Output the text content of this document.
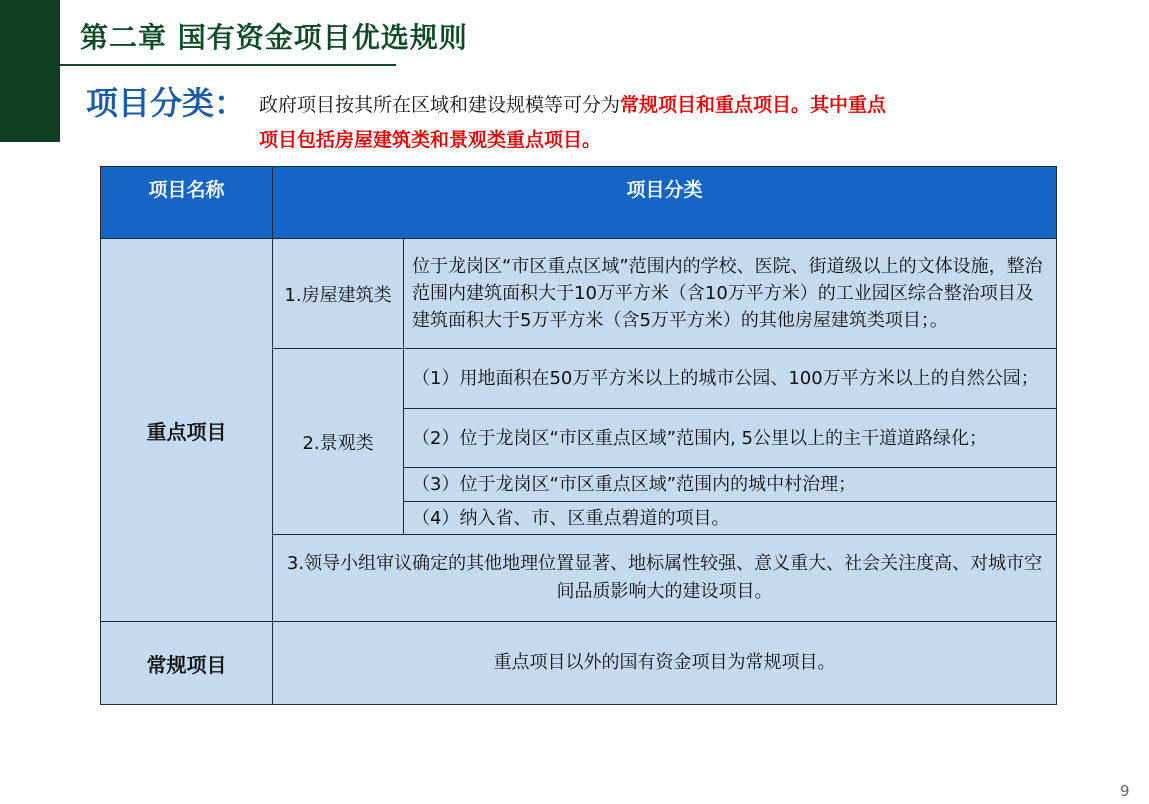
第二章 国有资金项目优选规则
项目分类： 政府项目按其所在区域和建设规模等可分为常规项目和重点项目。其中重点
项目包括房屋建筑类和景观类重点项目。
项目名称	项目分类	
重点项目	1.房屋建筑类	位于龙岗区“市区重点区域”范围内的学校、医院、街道级以上的文体设施，整治范围内建筑面积大于10万平方米（含10万平方米）的工业园区综合整治项目及建筑面积大于5万平方米（含5万平方米）的其他房屋建筑类项目；。
	2.景观类	（1）用地面积在50万平方米以上的城市公园、100万平方米以上的自然公园；
		（2）位于龙岗区“市区重点区域”范围内, 5公里以上的主干道道路绿化；
		（3）位于龙岗区“市区重点区域”范围内的城中村治理；
		（4）纳入省、市、区重点碧道的项目。
	3.领导小组审议确定的其他地理位置显著、地标属性较强、意义重大、社会关注度高、对城市空间品质影响大的建设项目。	
常规项目	重点项目以外的国有资金项目为常规项目。	
9
